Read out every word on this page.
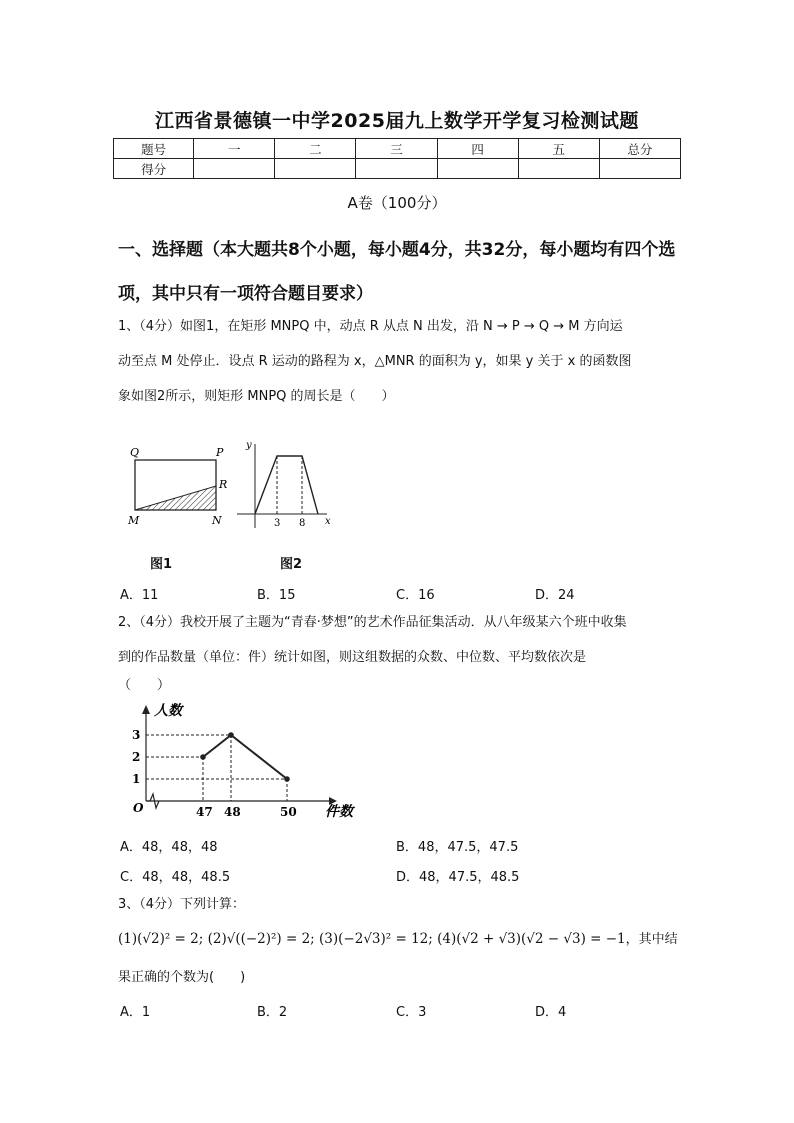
江西省景德镇一中学2025届九上数学开学复习检测试题
题号	一	二	三	四	五	总分
得分						
A卷（100分）
一、选择题（本大题共8个小题，每小题4分，共32分，每小题均有四个选项，其中只有一项符合题目要求）
1、（4分）如图1，在矩形 MNPQ 中，动点 R 从点 N 出发，沿 N → P → Q → M 方向运
动至点 M 处停止．设点 R 运动的路程为 x，△MNR 的面积为 y，如果 y 关于 x 的函数图
象如图2所示，则矩形 MNPQ 的周长是（　　）
Q	P
R
M	N
y
x
3 8
图1	图2
A．11	B．15	C．16	D．24
2、（4分）我校开展了主题为“青春·梦想”的艺术作品征集活动．从八年级某六个班中收集
到的作品数量（单位：件）统计如图，则这组数据的众数、中位数、平均数依次是
（　　）
人数
件数
O	47 48	50
1
2
3
A．48，48，48	B．48，47.5，47.5
C．48，48，48.5	D．48，47.5，48.5
3、（4分）下列计算：
(1)(√2)² = 2; (2)√((−2)²) = 2; (3)(−2√3)² = 12; (4)(√2 + √3)(√2 − √3) = −1，其中结
果正确的个数为(　　)
A．1	B．2	C．3	D．4
